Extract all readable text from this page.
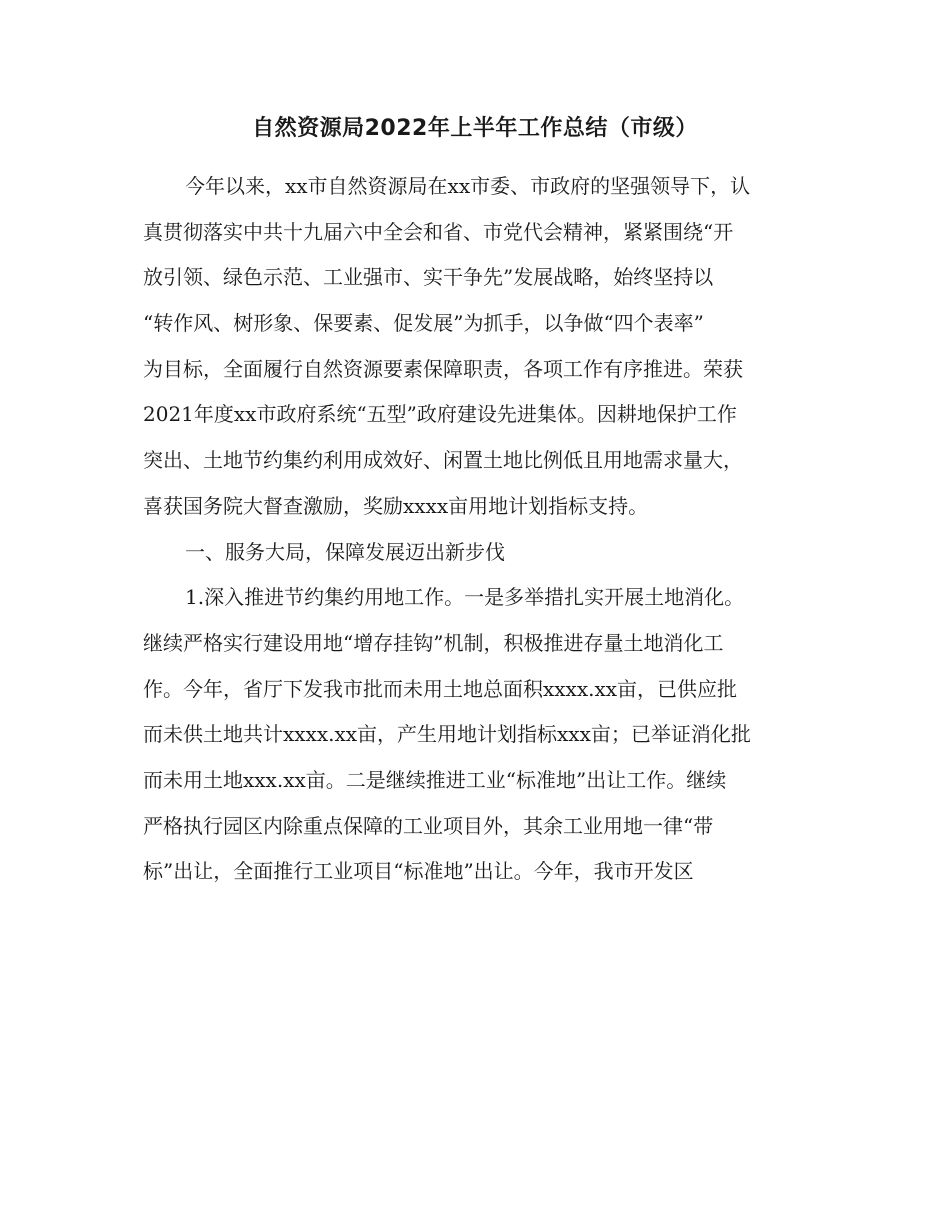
自然资源局2022年上半年工作总结（市级）

今年以来，xx市自然资源局在xx市委、市政府的坚强领导下，认

真贯彻落实中共十九届六中全会和省、市党代会精神，紧紧围绕“开

放引领、绿色示范、工业强市、实干争先”发展战略，始终坚持以

“转作风、树形象、保要素、促发展”为抓手，以争做“四个表率”

为目标，全面履行自然资源要素保障职责，各项工作有序推进。荣获

2021年度xx市政府系统“五型”政府建设先进集体。因耕地保护工作

突出、土地节约集约利用成效好、闲置土地比例低且用地需求量大，

喜获国务院大督查激励，奖励xxxx亩用地计划指标支持。

一、服务大局，保障发展迈出新步伐

1.深入推进节约集约用地工作。一是多举措扎实开展土地消化。

继续严格实行建设用地“增存挂钩”机制，积极推进存量土地消化工

作。今年，省厅下发我市批而未用土地总面积xxxx.xx亩，已供应批

而未供土地共计xxxx.xx亩，产生用地计划指标xxx亩；已举证消化批

而未用土地xxx.xx亩。二是继续推进工业“标准地”出让工作。继续

严格执行园区内除重点保障的工业项目外，其余工业用地一律“带

标”出让，全面推行工业项目“标准地”出让。今年，我市开发区
